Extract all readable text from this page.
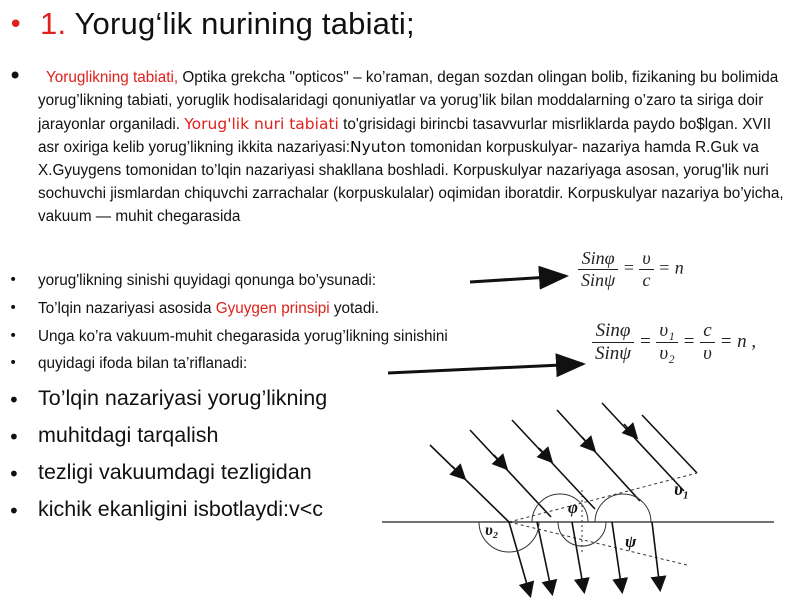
• 1. Yorug‘lik nurining tabiati;
•	Yoruglikning tabiati, Optika grekcha "opticos" – ko’raman, degan sozdan olingan bolib, fizikaning bu bolimida yorug’likning tabiati, yoruglik hodisalaridagi qonuniyatlar va yorug’lik bilan moddalarning o’zaro ta siriga doir jarayonlar organiladi. Yorug'lik nuri tabiati to'grisidagi birincbi tasavvurlar misrliklarda paydo bo$lgan. XVII asr oxiriga kelib yorug’likning ikkita nazariyasi:Nyuton tomonidan korpuskulyar- nazariya hamda R.Guk va X.Gyuygens tomonidan to’lqin nazariyasi shakllana boshladi. Korpuskulyar nazariyaga asosan, yorug'lik nuri sochuvchi jismlardan chiquvchi zarrachalar (korpuskulalar) oqimidan iboratdir. Korpuskulyar nazariya bo’yicha, vakuum — muhit chegarasida
• yorug'likning sinishi quyidagi qonunga bo’ysunadi:
• To’lqin nazariyasi asosida Gyuygen prinsipi yotadi.
• Unga ko’ra vakuum-muhit chegarasida yorug’likning sinishini
• quyidagi ifoda bilan ta’riflanadi:
• To’lqin nazariyasi yorug’likning
• muhitdagi tarqalish
• tezligi vakuumdagi tezligidan
• kichik ekanligini isbotlaydi:v<c
$\frac{\text{Sinφ}}{\text{Sinψ}} = \frac{\upsilon}{c} = n$
$\frac{\text{Sinφ}}{\text{Sinψ}} = \frac{\text{υ₁}}{\text{υ₂}} = \frac{c}{\upsilon} = n$ ,
υ₁
υ₂
φ
ψ
